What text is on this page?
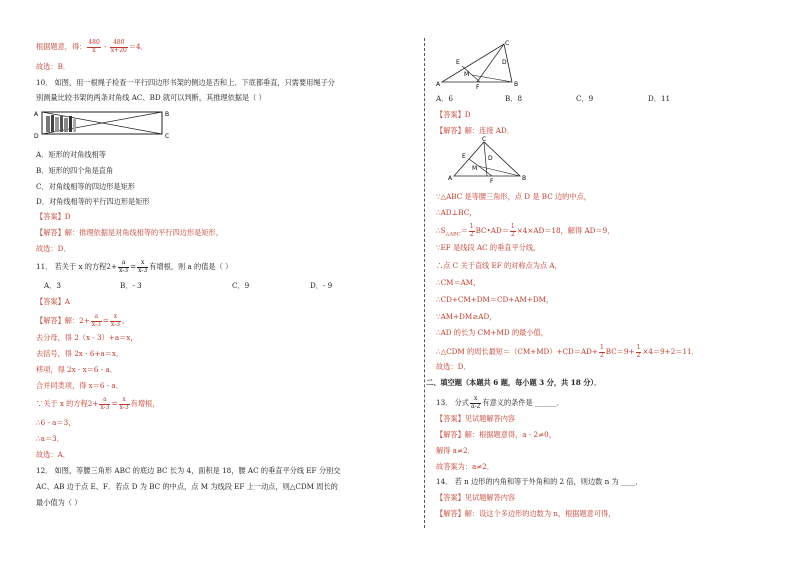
根据题意，得： $\frac{480}{x} - \frac{480}{x+20} =4$．
故选：B．
10． 如图，用一根绳子检查一平行四边形书架的侧边是否和上、下底都垂直，只需要用绳子分
别测量比较书架的两条对角线 AC、BD 就可以判断，其推理依据是（ ）
A	B
C
D
A．矩形的对角线相等
B．矩形的四个角是直角
C．对角线相等的四边形是矩形
D．对角线相等的平行四边形是矩形
【答案】D
【解答】解：推理依据是对角线相等的平行四边形是矩形，
故选：D．
11． 若关于 x 的方程$2+ \frac{a}{x-3} = \frac{x}{x-3}$ 有增根，则 a 的值是（ ）
A．3	B．- 3	C．9	D．- 9
【答案】A
【解答】解：$2+ \frac{a}{x-3} = \frac{x}{x-3}$ ，
去分母，得 2（x - 3）+a＝x，
去括号，得 2x - 6+a＝x．
移项，得 2x - x＝6 - a．
合并同类项，得 x＝6 - a．
∵关于 x 的方程$2+ \frac{a}{x-3} = \frac{x}{x-3}$ 有增根，
∴6 - a＝3，
∴a＝3．
故选：A．
12． 如图，等腰三角形 ABC 的底边 BC 长为 4，面积是 18，腰 AC 的垂直平分线 EF 分别交
AC、AB 边于点 E、F．若点 D 为 BC 的中点，点 M 为线段 EF 上一动点，则△CDM 周长的
最小值为（ ）
A
C
B
E
F
M
D
A．6	B．8	C．9	D．11
【答案】D
【解答】解：连接 AD．
A
C
B
E
F
M
D
∵△ABC 是等腰三角形，点 D 是 BC 边的中点，
∴AD⊥BC，
$\therefore S_{\triangle ABC}= \frac{1}{2}$ BC•AD＝ $\frac{1}{2} \times 4\times AD=18$，解得 AD＝9，
∵EF 是线段 AC 的垂直平分线，
∴点 C 关于直线 EF 的对称点为点 A，
∴CM＝AM，
∴CD+CM+DM＝CD+AM+DM，
∵AM+DM≥AD，
∴AD 的长为 CM+MD 的最小值，
∴△CDM 的周长最短$=(CM+MD)+CD=AD+ \frac{1}{2} BC=9+ \frac{1}{2} \times 4=9+2=11$．
故选：D．
二、填空题（本题共 6 题，每小题 3 分，共 18 分）．
13． 分式 $\frac{x}{a-2}$ 有意义的条件是 ______．
【答案】见试题解答内容
【解答】解：根据题意得，a - 2≠0，
解得 a≠2．
故答案为：a≠2．
14． 若 n 边形的内角和等于外角和的 2 倍，则边数 n 为 ____．
【答案】见试题解答内容
【解答】解：设这个多边形的边数为 n，根据题意可得，
